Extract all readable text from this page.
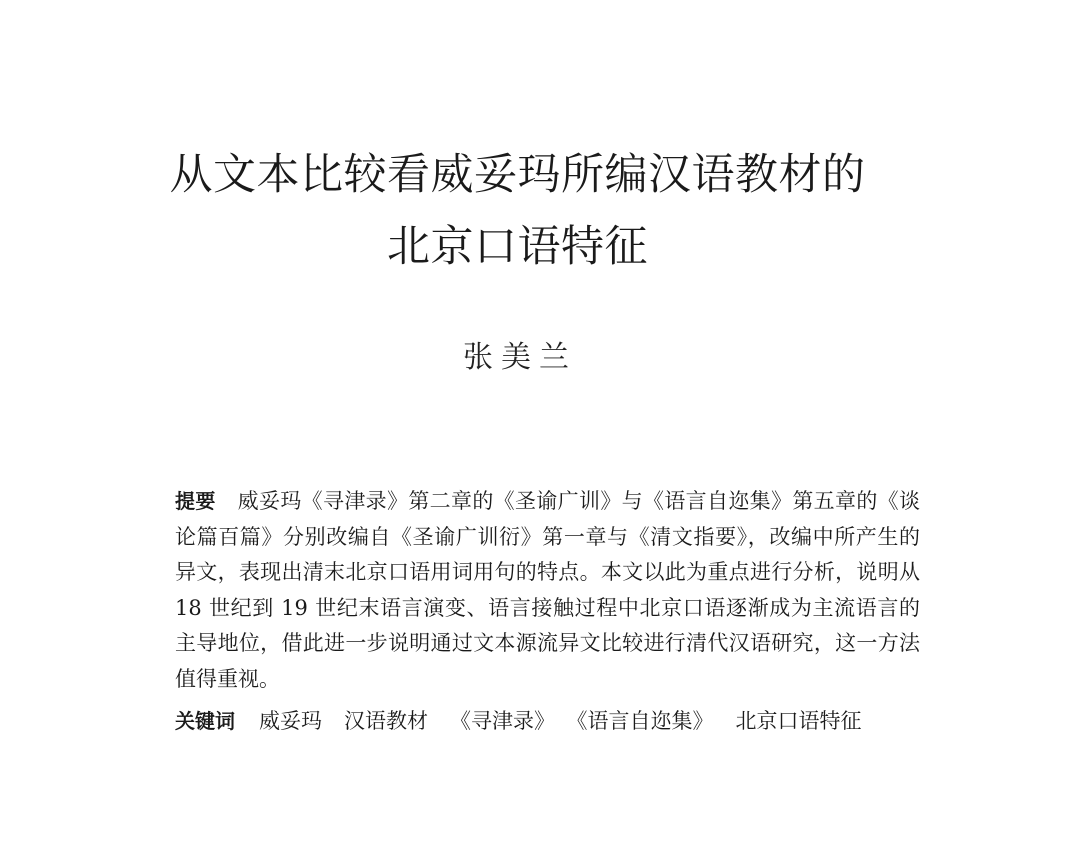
从文本比较看威妥玛所编汉语教材的
北京口语特征
张美兰
提要 威妥玛《寻津录》第二章的《圣谕广训》与《语言自迩集》第五章的《谈论篇百篇》分别改编自《圣谕广训衍》第一章与《清文指要》，改编中所产生的异文，表现出清末北京口语用词用句的特点。本文以此为重点进行分析，说明从 18 世纪到 19 世纪末语言演变、语言接触过程中北京口语逐渐成为主流语言的主导地位，借此进一步说明通过文本源流异文比较进行清代汉语研究，这一方法值得重视。
关键词 威妥玛 汉语教材 《寻津录》 《语言自迩集》 北京口语特征
